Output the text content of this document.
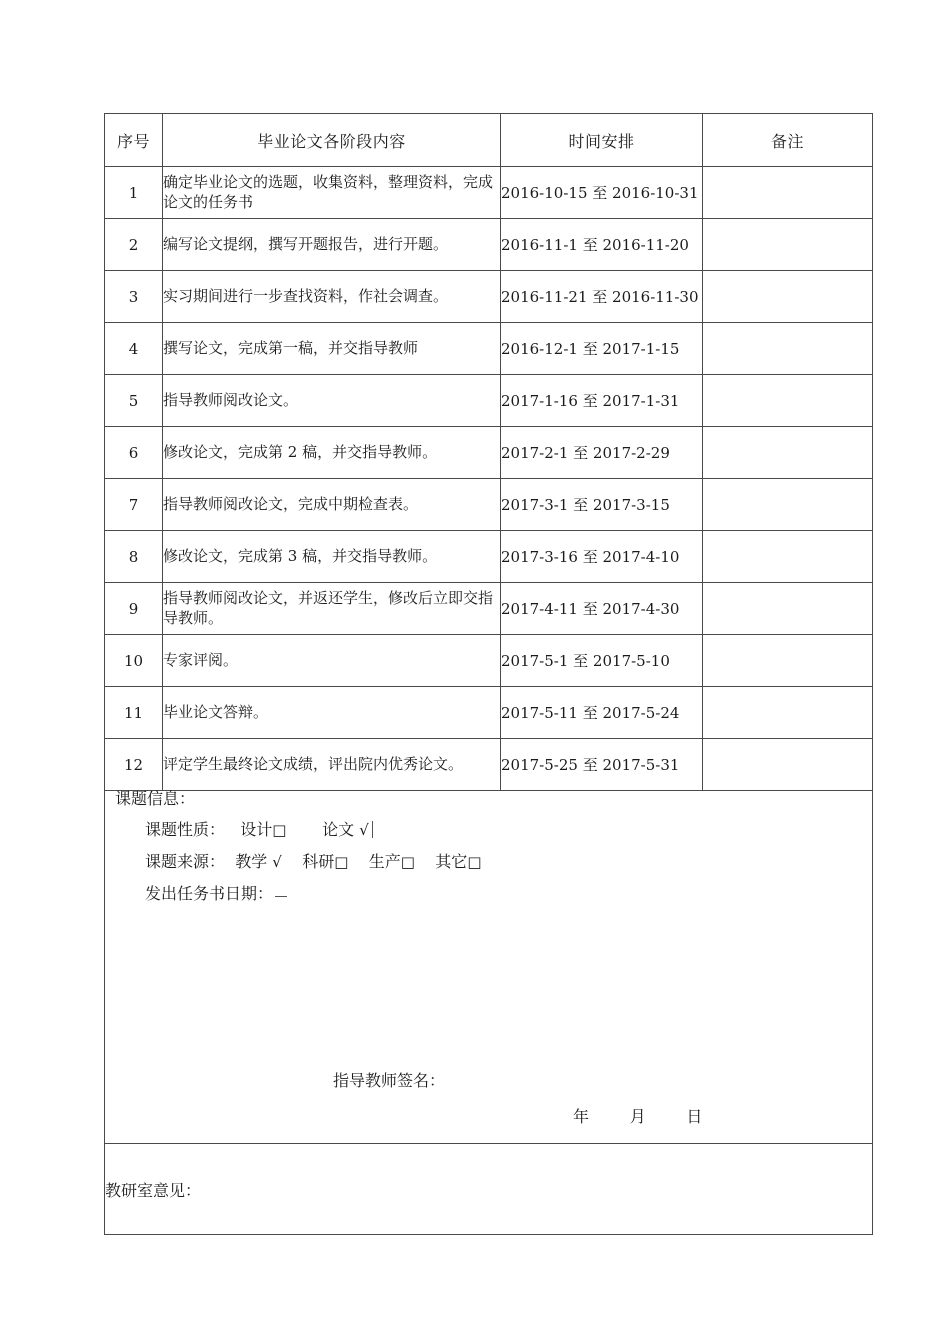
序号	毕业论文各阶段内容	时间安排	备注
1	确定毕业论文的选题，收集资料，整理资料，完成论文的任务书	2016-10-15 至 2016-10-31	
2	编写论文提纲，撰写开题报告，进行开题。	2016-11-1 至 2016-11-20	
3	实习期间进行一步查找资料，作社会调查。	2016-11-21 至 2016-11-30	
4	撰写论文，完成第一稿，并交指导教师	2016-12-1 至 2017-1-15	
5	指导教师阅改论文。	2017-1-16 至 2017-1-31	
6	修改论文，完成第 2 稿，并交指导教师。	2017-2-1 至 2017-2-29	
7	指导教师阅改论文，完成中期检查表。	2017-3-1 至 2017-3-15	
8	修改论文，完成第 3 稿，并交指导教师。	2017-3-16 至 2017-4-10	
9	指导教师阅改论文，并返还学生，修改后立即交指导教师。	2017-4-11 至 2017-4-30	
10	专家评阅。	2017-5-1 至 2017-5-10	
11	毕业论文答辩。	2017-5-11 至 2017-5-24	
12	评定学生最终论文成绩，评出院内优秀论文。	2017-5-25 至 2017-5-31	

课题信息：
课题性质： 设计□ 论文 √
课题来源： 教学 √ 科研□ 生产□ 其它□
发出任务书日期：
指导教师签名：
年        月        日

教研室意见：			
